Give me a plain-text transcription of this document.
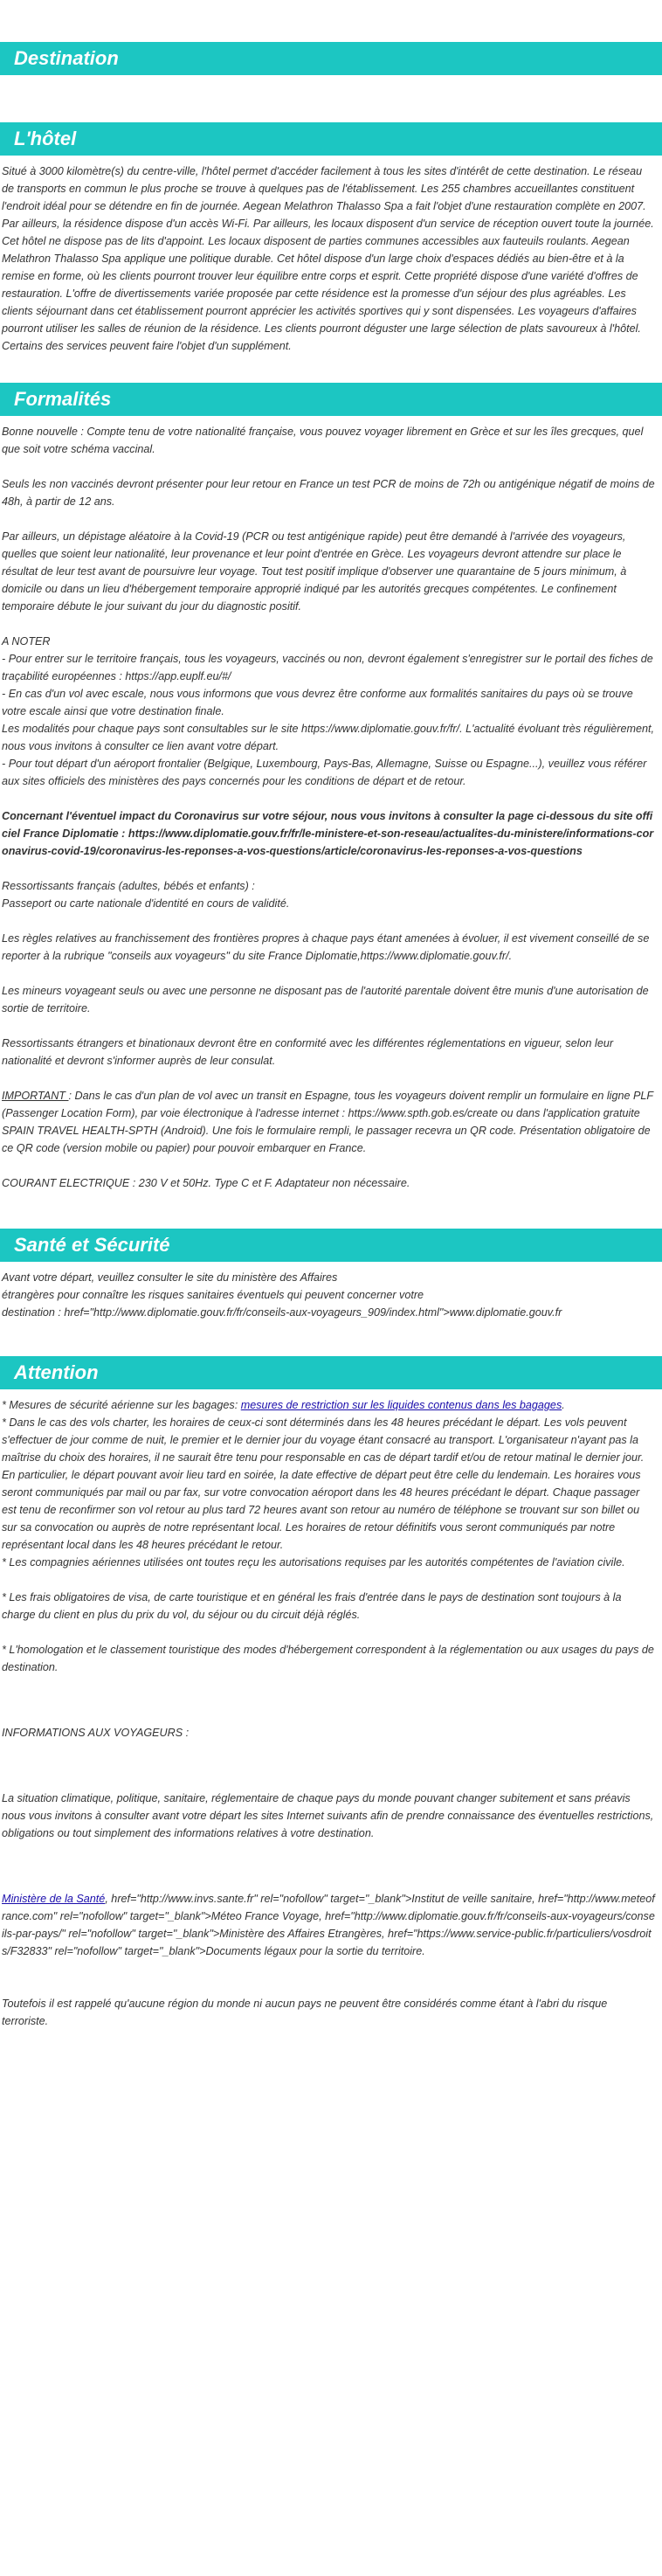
Destination
L'hôtel

Situé à 3000 kilomètre(s) du centre-ville, l'hôtel permet d'accéder facilement à tous les sites d'intérêt de cette destination. Le réseau de transports en commun le plus proche se trouve à quelques pas de l'établissement. Les 255 chambres accueillantes constituent l'endroit idéal pour se détendre en fin de journée. Aegean Melathron Thalasso Spa a fait l'objet d'une restauration complète en 2007. Par ailleurs, la résidence dispose d'un accès Wi-Fi. Par ailleurs, les locaux disposent d'un service de réception ouvert toute la journée. Cet hôtel ne dispose pas de lits d'appoint. Les locaux disposent de parties communes accessibles aux fauteuils roulants. Aegean Melathron Thalasso Spa applique une politique durable. Cet hôtel dispose d'un large choix d'espaces dédiés au bien-être et à la remise en forme, où les clients pourront trouver leur équilibre entre corps et esprit. Cette propriété dispose d'une variété d'offres de restauration. L'offre de divertissements variée proposée par cette résidence est la promesse d'un séjour des plus agréables. Les clients séjournant dans cet établissement pourront apprécier les activités sportives qui y sont dispensées. Les voyageurs d'affaires pourront utiliser les salles de réunion de la résidence. Les clients pourront déguster une large sélection de plats savoureux à l'hôtel. Certains des services peuvent faire l'objet d'un supplément.

Formalités

Bonne nouvelle : Compte tenu de votre nationalité française, vous pouvez voyager librement en Grèce et sur les îles grecques, quel que soit votre schéma vaccinal.

Seuls les non vaccinés devront présenter pour leur retour en France un test PCR de moins de 72h ou antigénique négatif de moins de 48h, à partir de 12 ans.

Par ailleurs, un dépistage aléatoire à la Covid-19 (PCR ou test antigénique rapide) peut être demandé à l'arrivée des voyageurs, quelles que soient leur nationalité, leur provenance et leur point d'entrée en Grèce. Les voyageurs devront attendre sur place le résultat de leur test avant de poursuivre leur voyage. Tout test positif implique d'observer une quarantaine de 5 jours minimum, à domicile ou dans un lieu d'hébergement temporaire approprié indiqué par les autorités grecques compétentes. Le confinement temporaire débute le jour suivant du jour du diagnostic positif.

A NOTER

- Pour entrer sur le territoire français, tous les voyageurs, vaccinés ou non, devront également s'enregistrer sur le portail des fiches de traçabilité européennes : https://app.euplf.eu/#/

- En cas d'un vol avec escale, nous vous informons que vous devrez être conforme aux formalités sanitaires du pays où se trouve votre escale ainsi que votre destination finale.

Les modalités pour chaque pays sont consultables sur le site https://www.diplomatie.gouv.fr/fr/. L'actualité évoluant très régulièrement, nous vous invitons à consulter ce lien avant votre départ.

- Pour tout départ d'un aéroport frontalier (Belgique, Luxembourg, Pays-Bas, Allemagne, Suisse ou Espagne...), veuillez vous référer aux sites officiels des ministères des pays concernés pour les conditions de départ et de retour.

Concernant l'éventuel impact du Coronavirus sur votre séjour, nous vous invitons à consulter la page ci-dessous du site officiel France Diplomatie : https://www.diplomatie.gouv.fr/fr/le-ministere-et-son-reseau/actualites-du-ministere/informations-coronavirus-covid-19/coronavirus-les-reponses-a-vos-questions/article/coronavirus-les-reponses-a-vos-questions

Ressortissants français (adultes, bébés et enfants) :

Passeport ou carte nationale d'identité en cours de validité.

Les règles relatives au franchissement des frontières propres à chaque pays étant amenées à évoluer, il est vivement conseillé de se reporter à la rubrique "conseils aux voyageurs" du site France Diplomatie,https://www.diplomatie.gouv.fr/.

Les mineurs voyageant seuls ou avec une personne ne disposant pas de l'autorité parentale doivent être munis d'une autorisation de sortie de territoire.

Ressortissants étrangers et binationaux devront être en conformité avec les différentes réglementations en vigueur, selon leur nationalité et devront s'informer auprès de leur consulat.

IMPORTANT : Dans le cas d'un plan de vol avec un transit en Espagne, tous les voyageurs doivent remplir un formulaire en ligne PLF (Passenger Location Form), par voie électronique à l'adresse internet : https://www.spth.gob.es/create ou dans l'application gratuite SPAIN TRAVEL HEALTH-SPTH (Android). Une fois le formulaire rempli, le passager recevra un QR code. Présentation obligatoire de ce QR code (version mobile ou papier) pour pouvoir embarquer en France.

COURANT ELECTRIQUE : 230 V et 50Hz. Type C et F. Adaptateur non nécessaire.

Santé et Sécurité

Avant votre départ, veuillez consulter le site du ministère des Affaires

étrangères pour connaître les risques sanitaires éventuels qui peuvent concerner votre

destination : href="http://www.diplomatie.gouv.fr/fr/conseils-aux-voyageurs_909/index.html">www.diplomatie.gouv.fr

Attention

* Mesures de sécurité aérienne sur les bagages: mesures de restriction sur les liquides contenus dans les bagages.

* Dans le cas des vols charter, les horaires de ceux-ci sont déterminés dans les 48 heures précédant le départ. Les vols peuvent s'effectuer de jour comme de nuit, le premier et le dernier jour du voyage étant consacré au transport. L'organisateur n'ayant pas la maîtrise du choix des horaires, il ne saurait être tenu pour responsable en cas de départ tardif et/ou de retour matinal le dernier jour. En particulier, le départ pouvant avoir lieu tard en soirée, la date effective de départ peut être celle du lendemain. Les horaires vous seront communiqués par mail ou par fax, sur votre convocation aéroport dans les 48 heures précédant le départ. Chaque passager est tenu de reconfirmer son vol retour au plus tard 72 heures avant son retour au numéro de téléphone se trouvant sur son billet ou sur sa convocation ou auprès de notre représentant local. Les horaires de retour définitifs vous seront communiqués par notre représentant local dans les 48 heures précédant le retour.

* Les compagnies aériennes utilisées ont toutes reçu les autorisations requises par les autorités compétentes de l'aviation civile.

* Les frais obligatoires de visa, de carte touristique et en général les frais d'entrée dans le pays de destination sont toujours à la charge du client en plus du prix du vol, du séjour ou du circuit déjà réglés.

* L'homologation et le classement touristique des modes d'hébergement correspondent à la réglementation ou aux usages du pays de destination.

INFORMATIONS AUX VOYAGEURS :

La situation climatique, politique, sanitaire, réglementaire de chaque pays du monde pouvant changer subitement et sans préavis

nous vous invitons à consulter avant votre départ les sites Internet suivants afin de prendre connaissance des éventuelles restrictions, obligations ou tout simplement des informations relatives à votre destination.

Ministère de la Santé, href="http://www.invs.sante.fr" rel="nofollow" target="_blank">Institut de veille sanitaire, href="http://www.meteofrance.com" rel="nofollow" target="_blank">Méteo France Voyage, href="http://www.diplomatie.gouv.fr/fr/conseils-aux-voyageurs/conseils-par-pays/" rel="nofollow" target="_blank">Ministère des Affaires Etrangères, href="https://www.service-public.fr/particuliers/vosdroits/F32833" rel="nofollow" target="_blank">Documents légaux pour la sortie du territoire.

Toutefois il est rappelé qu'aucune région du monde ni aucun pays ne peuvent être considérés comme étant à l'abri du risque terroriste.
